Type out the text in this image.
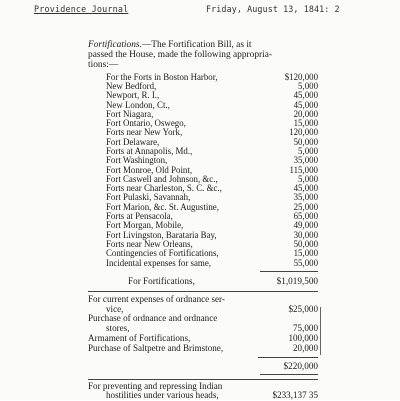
Providence Journal	Friday, August 13, 1841: 2
Fortifications.—The Fortification Bill, as it
passed the House, made the following appropria-
tions:—
For the Forts in Boston Harbor,	$120,000
New Bedford,	5,000
Newport, R. I.,	45,000
New London, Ct.,	45,000
Fort Niagara,	20,000
Fort Ontario, Oswego,	15,000
Forts near New York,	120,000
Fort Delaware,	50,000
Forts at Annapolis, Md.,	5,000
Fort Washington,	35,000
Fort Monroe, Old Point,	115,000
Fort Caswell and Johnson, &c.,	5,000
Forts near Charleston, S. C. &c.,	45,000
Fort Pulaski, Savannah,	35,000
Fort Marion, &c. St. Augustine,	25,000
Forts at Pensacola,	65,000
Fort Morgan, Mobile,	49,000
Fort Livingston, Barataria Bay,	30,000
Forts near New Orleans,	50,000
Contingencies of Fortifications,	15,000
Incidental expenses for same,	55,000
For Fortifications,	$1,019,500
For current expenses of ordnance ser-
vice,	$25,000
Purchase of ordnance and ordnance
stores,	75,000
Armament of Fortifications,	100,000
Purchase of Saltpetre and Brimstone,	20,000
$220,000
For preventing and repressing Indian
hostilities under various heads,	$233,137 35
